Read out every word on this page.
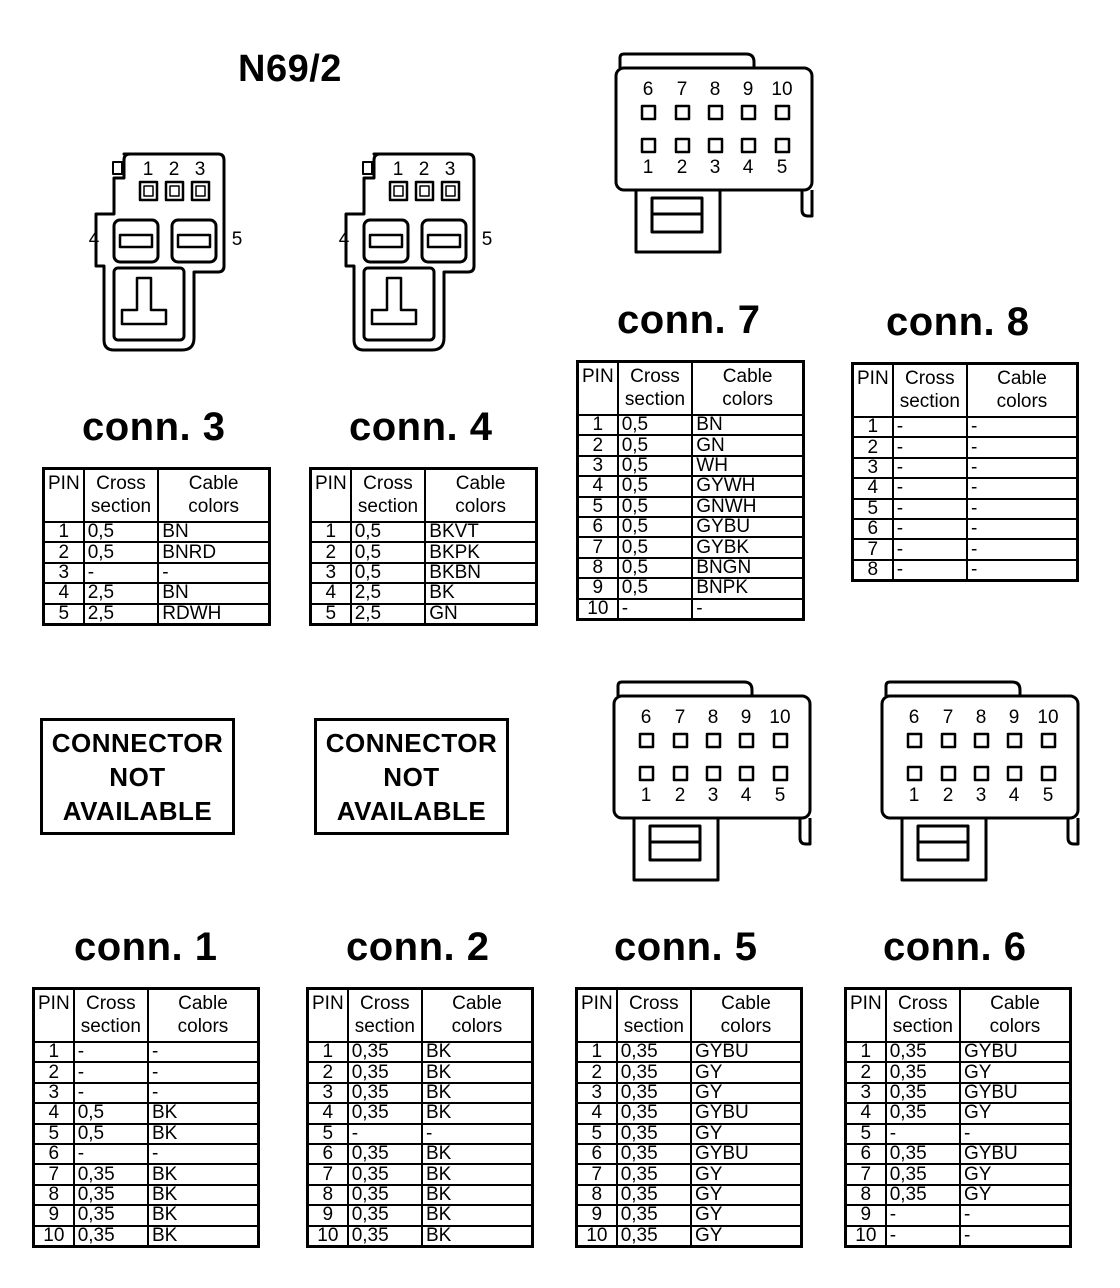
N69/2
1 2 3
4	5
1 2 3
4	5
6
1
7
2
8
3
9
4
10
5
6
1
7
2
8
3
9
4
10
5
6
1
7
2
8
3
9
4
10
5
conn. 3	conn. 4
conn. 7	conn. 8
conn. 1	conn. 2	conn. 5	conn. 6
CONNECTOR NOT AVAILABLE
CONNECTOR NOT AVAILABLE
PIN	Cross section	Cable colors
1	0,5	BN
2	0,5	BNRD
3	-	-
4	2,5	BN
5	2,5	RDWH
PIN	Cross section	Cable colors
1	0,5	BKVT
2	0,5	BKPK
3	0,5	BKBN
4	2,5	BK
5	2,5	GN
PIN	Cross section	Cable colors
1	0,5	BN
2	0,5	GN
3	0,5	WH
4	0,5	GYWH
5	0,5	GNWH
6	0,5	GYBU
7	0,5	GYBK
8	0,5	BNGN
9	0,5	BNPK
10	-	-
PIN	Cross section	Cable colors
1	-	-
2	-	-
3	-	-
4	-	-
5	-	-
6	-	-
7	-	-
8	-	-
PIN	Cross section	Cable colors
1	-	-
2	-	-
3	-	-
4	0,5	BK
5	0,5	BK
6	-	-
7	0,35	BK
8	0,35	BK
9	0,35	BK
10	0,35	BK
PIN	Cross section	Cable colors
1	0,35	BK
2	0,35	BK
3	0,35	BK
4	0,35	BK
5	-	-
6	0,35	BK
7	0,35	BK
8	0,35	BK
9	0,35	BK
10	0,35	BK
PIN	Cross section	Cable colors
1	0,35	GYBU
2	0,35	GY
3	0,35	GY
4	0,35	GYBU
5	0,35	GY
6	0,35	GYBU
7	0,35	GY
8	0,35	GY
9	0,35	GY
10	0,35	GY
PIN	Cross section	Cable colors
1	0,35	GYBU
2	0,35	GY
3	0,35	GYBU
4	0,35	GY
5	-	-
6	0,35	GYBU
7	0,35	GY
8	0,35	GY
9	-	-
10	-	-
